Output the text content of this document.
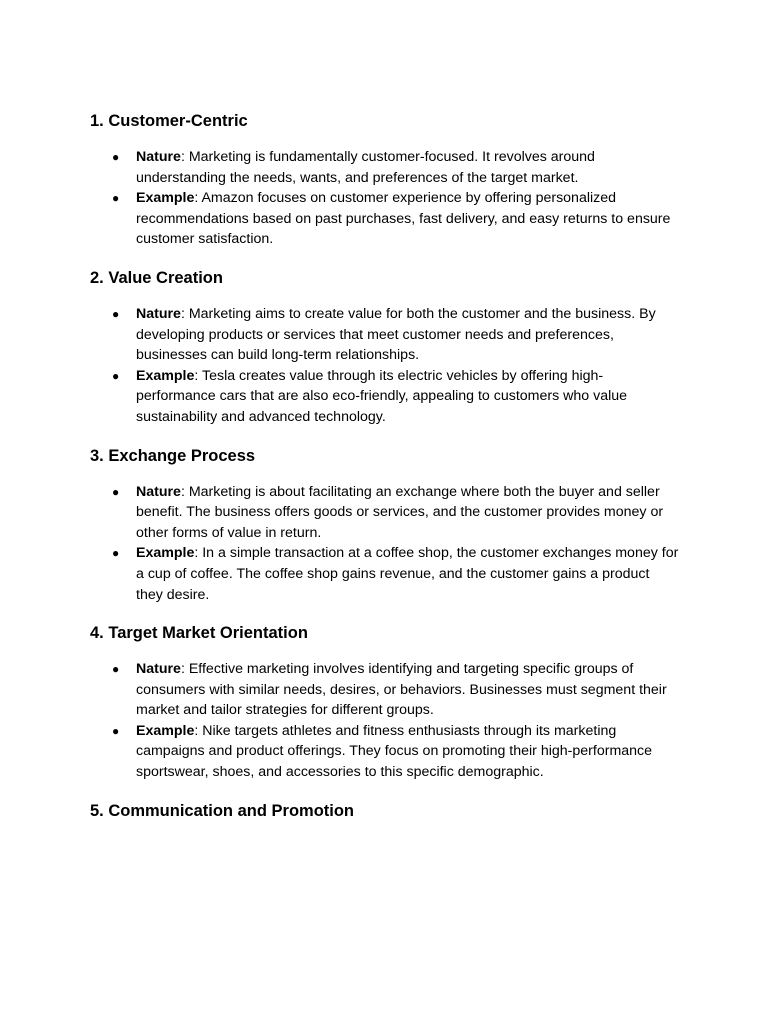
1. Customer-Centric
● Nature: Marketing is fundamentally customer-focused. It revolves around understanding the needs, wants, and preferences of the target market.
● Example: Amazon focuses on customer experience by offering personalized recommendations based on past purchases, fast delivery, and easy returns to ensure customer satisfaction.
2. Value Creation
● Nature: Marketing aims to create value for both the customer and the business. By developing products or services that meet customer needs and preferences, businesses can build long-term relationships.
● Example: Tesla creates value through its electric vehicles by offering high-performance cars that are also eco-friendly, appealing to customers who value sustainability and advanced technology.
3. Exchange Process
● Nature: Marketing is about facilitating an exchange where both the buyer and seller benefit. The business offers goods or services, and the customer provides money or other forms of value in return.
● Example: In a simple transaction at a coffee shop, the customer exchanges money for a cup of coffee. The coffee shop gains revenue, and the customer gains a product they desire.
4. Target Market Orientation
● Nature: Effective marketing involves identifying and targeting specific groups of consumers with similar needs, desires, or behaviors. Businesses must segment their market and tailor strategies for different groups.
● Example: Nike targets athletes and fitness enthusiasts through its marketing campaigns and product offerings. They focus on promoting their high-performance sportswear, shoes, and accessories to this specific demographic.
5. Communication and Promotion
